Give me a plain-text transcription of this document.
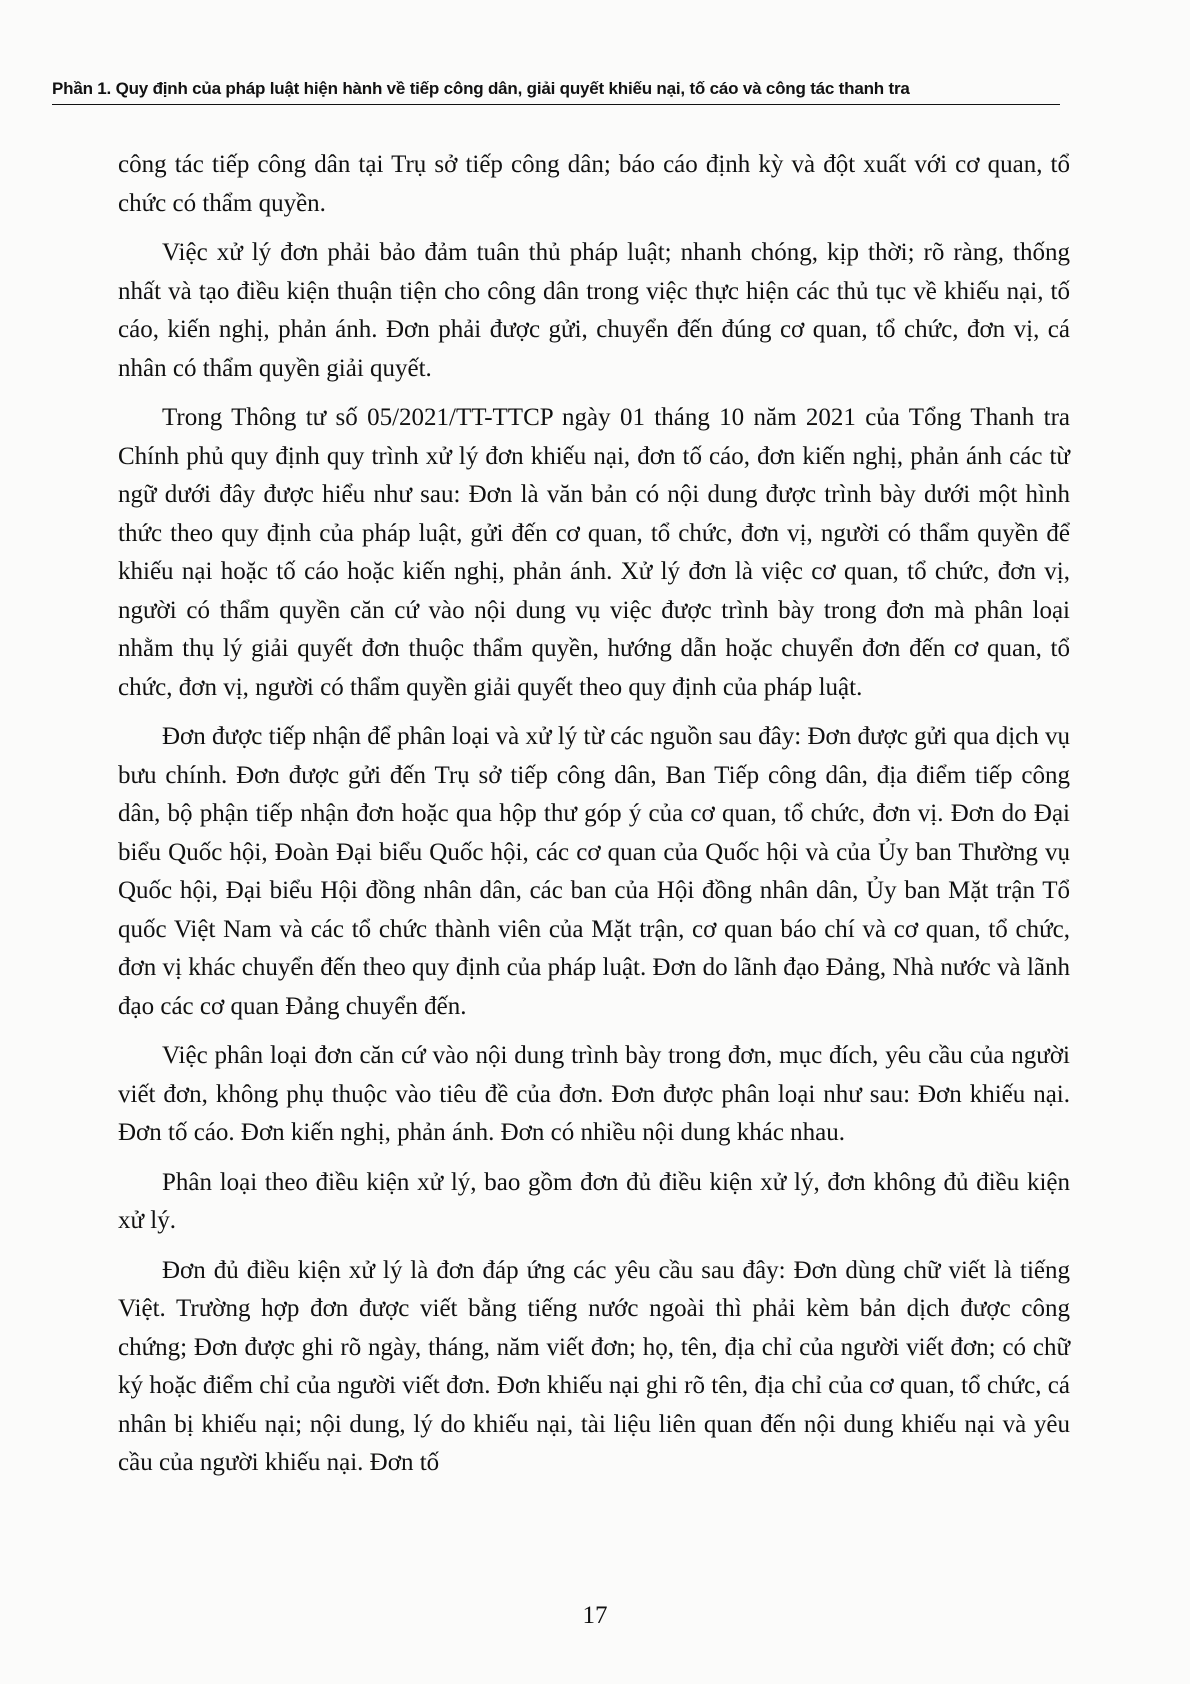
Phần 1. Quy định của pháp luật hiện hành về tiếp công dân, giải quyết khiếu nại, tố cáo và công tác thanh tra

công tác tiếp công dân tại Trụ sở tiếp công dân; báo cáo định kỳ và đột xuất với cơ quan, tổ chức có thẩm quyền.

Việc xử lý đơn phải bảo đảm tuân thủ pháp luật; nhanh chóng, kịp thời; rõ ràng, thống nhất và tạo điều kiện thuận tiện cho công dân trong việc thực hiện các thủ tục về khiếu nại, tố cáo, kiến nghị, phản ánh. Đơn phải được gửi, chuyển đến đúng cơ quan, tổ chức, đơn vị, cá nhân có thẩm quyền giải quyết.

Trong Thông tư số 05/2021/TT-TTCP ngày 01 tháng 10 năm 2021 của Tổng Thanh tra Chính phủ quy định quy trình xử lý đơn khiếu nại, đơn tố cáo, đơn kiến nghị, phản ánh các từ ngữ dưới đây được hiểu như sau: Đơn là văn bản có nội dung được trình bày dưới một hình thức theo quy định của pháp luật, gửi đến cơ quan, tổ chức, đơn vị, người có thẩm quyền để khiếu nại hoặc tố cáo hoặc kiến nghị, phản ánh. Xử lý đơn là việc cơ quan, tổ chức, đơn vị, người có thẩm quyền căn cứ vào nội dung vụ việc được trình bày trong đơn mà phân loại nhằm thụ lý giải quyết đơn thuộc thẩm quyền, hướng dẫn hoặc chuyển đơn đến cơ quan, tổ chức, đơn vị, người có thẩm quyền giải quyết theo quy định của pháp luật.

Đơn được tiếp nhận để phân loại và xử lý từ các nguồn sau đây: Đơn được gửi qua dịch vụ bưu chính. Đơn được gửi đến Trụ sở tiếp công dân, Ban Tiếp công dân, địa điểm tiếp công dân, bộ phận tiếp nhận đơn hoặc qua hộp thư góp ý của cơ quan, tổ chức, đơn vị. Đơn do Đại biểu Quốc hội, Đoàn Đại biểu Quốc hội, các cơ quan của Quốc hội và của Ủy ban Thường vụ Quốc hội, Đại biểu Hội đồng nhân dân, các ban của Hội đồng nhân dân, Ủy ban Mặt trận Tổ quốc Việt Nam và các tổ chức thành viên của Mặt trận, cơ quan báo chí và cơ quan, tổ chức, đơn vị khác chuyển đến theo quy định của pháp luật. Đơn do lãnh đạo Đảng, Nhà nước và lãnh đạo các cơ quan Đảng chuyển đến.

Việc phân loại đơn căn cứ vào nội dung trình bày trong đơn, mục đích, yêu cầu của người viết đơn, không phụ thuộc vào tiêu đề của đơn. Đơn được phân loại như sau: Đơn khiếu nại. Đơn tố cáo. Đơn kiến nghị, phản ánh. Đơn có nhiều nội dung khác nhau.

Phân loại theo điều kiện xử lý, bao gồm đơn đủ điều kiện xử lý, đơn không đủ điều kiện xử lý.

Đơn đủ điều kiện xử lý là đơn đáp ứng các yêu cầu sau đây: Đơn dùng chữ viết là tiếng Việt. Trường hợp đơn được viết bằng tiếng nước ngoài thì phải kèm bản dịch được công chứng; Đơn được ghi rõ ngày, tháng, năm viết đơn; họ, tên, địa chỉ của người viết đơn; có chữ ký hoặc điểm chỉ của người viết đơn. Đơn khiếu nại ghi rõ tên, địa chỉ của cơ quan, tổ chức, cá nhân bị khiếu nại; nội dung, lý do khiếu nại, tài liệu liên quan đến nội dung khiếu nại và yêu cầu của người khiếu nại. Đơn tố

17
